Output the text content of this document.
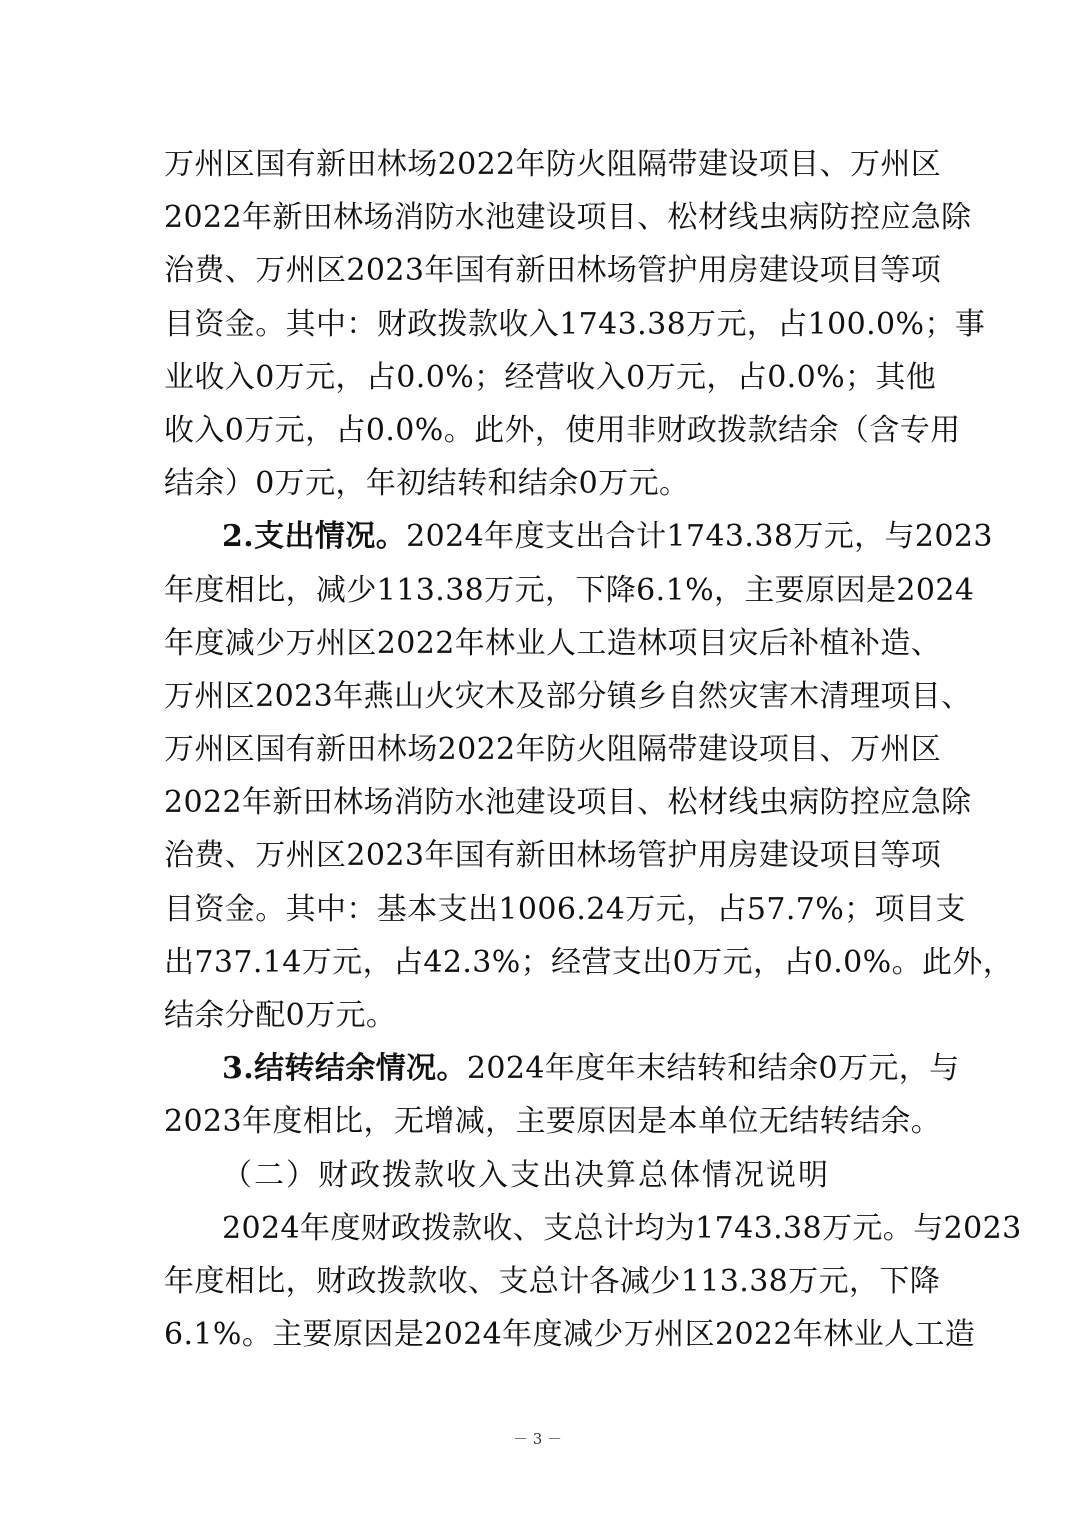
万州区国有新田林场2022年防火阻隔带建设项目、万州区
2022年新田林场消防水池建设项目、松材线虫病防控应急除
治费、万州区2023年国有新田林场管护用房建设项目等项
目资金。其中：财政拨款收入1743.38万元，占100.0%；事
业收入0万元，占0.0%；经营收入0万元，占0.0%；其他
收入0万元，占0.0%。此外，使用非财政拨款结余（含专用
结余）0万元，年初结转和结余0万元。
2.支出情况。2024年度支出合计1743.38万元，与2023
年度相比，减少113.38万元，下降6.1%，主要原因是2024
年度减少万州区2022年林业人工造林项目灾后补植补造、
万州区2023年燕山火灾木及部分镇乡自然灾害木清理项目、
万州区国有新田林场2022年防火阻隔带建设项目、万州区
2022年新田林场消防水池建设项目、松材线虫病防控应急除
治费、万州区2023年国有新田林场管护用房建设项目等项
目资金。其中：基本支出1006.24万元，占57.7%；项目支
出737.14万元，占42.3%；经营支出0万元，占0.0%。此外，
结余分配0万元。
3.结转结余情况。2024年度年末结转和结余0万元，与
2023年度相比，无增减，主要原因是本单位无结转结余。
（二）财政拨款收入支出决算总体情况说明
2024年度财政拨款收、支总计均为1743.38万元。与2023
年度相比，财政拨款收、支总计各减少113.38万元，下降
6.1%。主要原因是2024年度减少万州区2022年林业人工造
－ 3 －
